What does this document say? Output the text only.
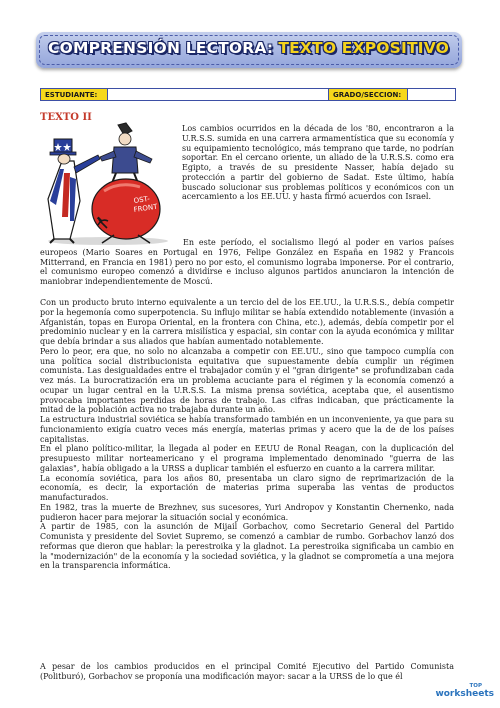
COMPRENSIÓN LECTORA: TEXTO EXPOSITIVO
ESTUDIANTE:	GRADO/SECCION:
TEXTO II
OST-
FRONT
Los cambios ocurridos en la década de los '80, encontraron a la U.R.S.S. sumida en una carrera armamentística que su economía y su equipamiento tecnológico, más temprano que tarde, no podrían soportar. En el cercano oriente, un aliado de la U.R.S.S. como era Egipto, a través de su presidente Nasser, había dejado su protección a partir del gobierno de Sadat. Este último, había buscado solucionar sus problemas políticos y económicos con un acercamiento a los EE.UU. y hasta firmó acuerdos con Israel.

En este período, el socialismo llegó al poder en varios países europeos (Mario Soares en Portugal en 1976, Felipe González en España en 1982 y Francois Mitterrand, en Francia en 1981) pero no por esto, el comunismo lograba imponerse. Por el contrario, el comunismo europeo comenzó a dividirse e incluso algunos partidos anunciaron la intención de maniobrar independientemente de Moscú.

Con un producto bruto interno equivalente a un tercio del de los EE.UU., la U.R.S.S., debía competir por la hegemonía como superpotencia. Su influjo militar se había extendido notablemente (invasión a Afganistán, topas en Europa Oriental, en la frontera con China, etc.), además, debía competir por el predominio nuclear y en la carrera misilística y espacial, sin contar con la ayuda económica y militar que debía brindar a sus aliados que habían aumentado notablemente.

Pero lo peor, era que, no solo no alcanzaba a competir con EE.UU., sino que tampoco cumplía con una política social distribucionista equitativa que supuestamente debía cumplir un régimen comunista. Las desigualdades entre el trabajador común y el "gran dirigente" se profundizaban cada vez más. La burocratización era un problema acuciante para el régimen y la economía comenzó a ocupar un lugar central en la U.R.S.S. La misma prensa soviética, aceptaba que, el ausentismo provocaba importantes perdidas de horas de trabajo. Las cifras indicaban, que prácticamente la mitad de la población activa no trabajaba durante un año.

La estructura industrial soviética se había transformado también en un inconveniente, ya que para su funcionamiento exigía cuatro veces más energía, materias primas y acero que la de de los países capitalistas.

En el plano político-militar, la llegada al poder en EEUU de Ronal Reagan, con la duplicación del presupuesto militar norteamericano y el programa implementado denominado "guerra de las galaxias", había obligado a la URSS a duplicar también el esfuerzo en cuanto a la carrera militar.

La economía soviética, para los años 80, presentaba un claro signo de reprimarización de la economía, es decir, la exportación de materias prima superaba las ventas de productos manufacturados.

En 1982, tras la muerte de Brezhnev, sus sucesores, Yuri Andropov y Konstantin Chernenko, nada pudieron hacer para mejorar la situación social y económica.

A partir de 1985, con la asunción de Mijail Gorbachov, como Secretario General del Partido Comunista y presidente del Soviet Supremo, se comenzó a cambiar de rumbo. Gorbachov lanzó dos reformas que dieron que hablar: la perestroika y la gladnot. La perestroika significaba un cambio en la "modernización" de la economía y la sociedad soviética, y la gladnot se comprometía a una mejora en la transparencia informática.

A pesar de los cambios producidos en el principal Comité Ejecutivo del Partido Comunista (Politburó), Gorbachov se proponía una modificación mayor: sacar a la URSS de lo que él

TOP
worksheets
